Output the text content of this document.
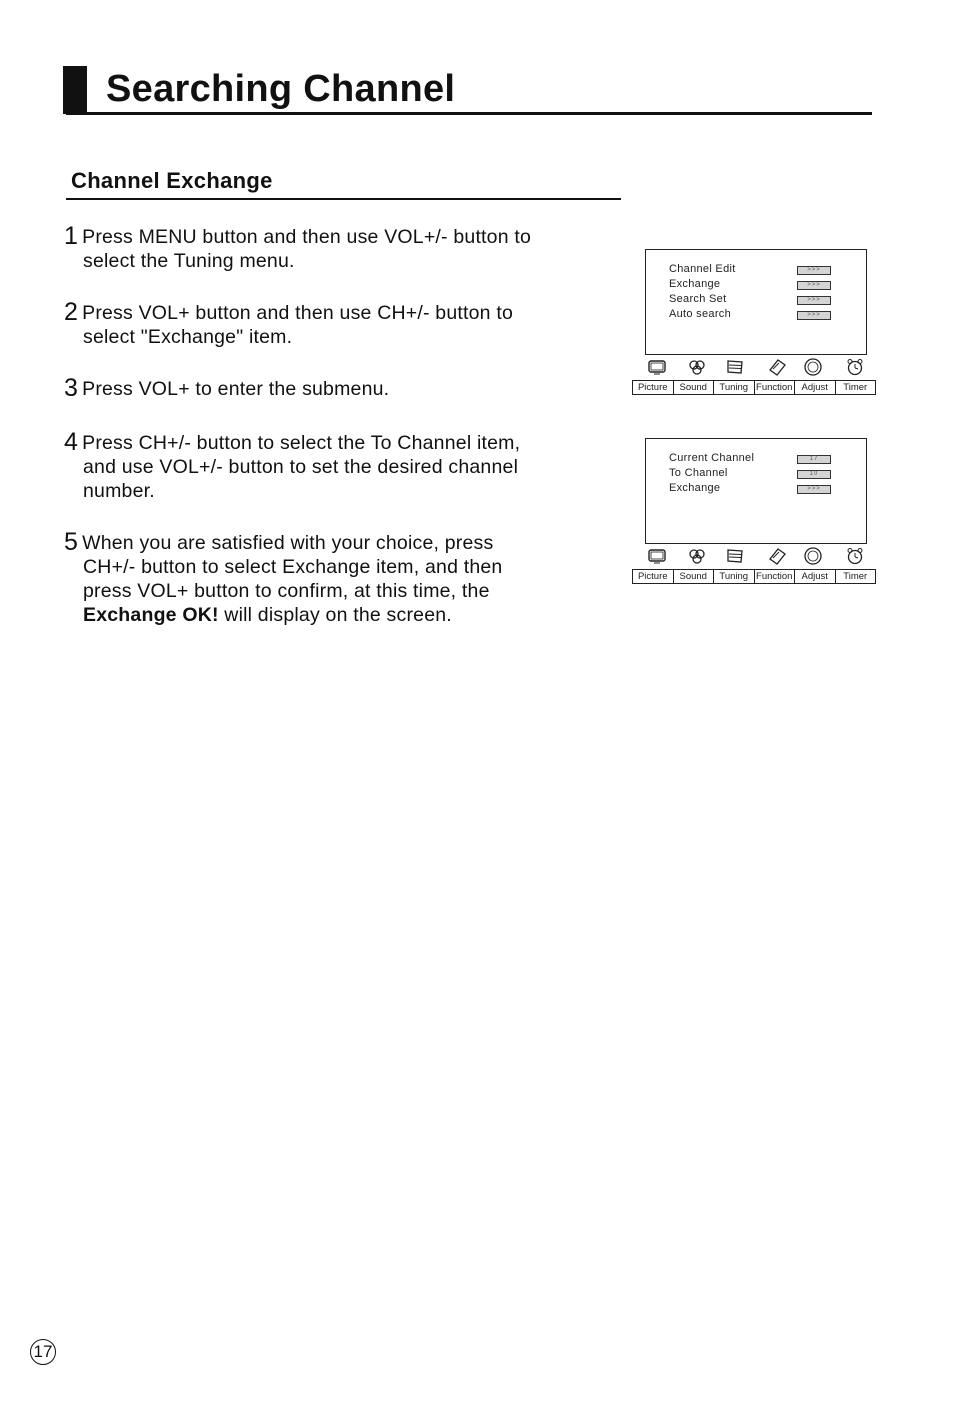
Searching Channel
Channel Exchange
1 Press MENU button and then use VOL+/- button to
select the Tuning menu.
2 Press VOL+ button and then use CH+/- button to
select "Exchange" item.
3 Press VOL+ to enter the submenu.
4 Press CH+/- button to select the To Channel item,
and use VOL+/- button to set the desired channel
number.
5 When you are satisfied with your choice, press
CH+/- button to select Exchange item, and then
press VOL+ button to confirm, at this time, the
Exchange OK! will display on the screen.
Channel Edit	>>>
Exchange	>>>
Search Set	>>>
Auto search	>>>
Picture	Sound	Tuning Function Adjust	Timer
Current Channel	17
To Channel	10
Exchange	>>>
Picture	Sound	Tuning Function Adjust	Timer
17
